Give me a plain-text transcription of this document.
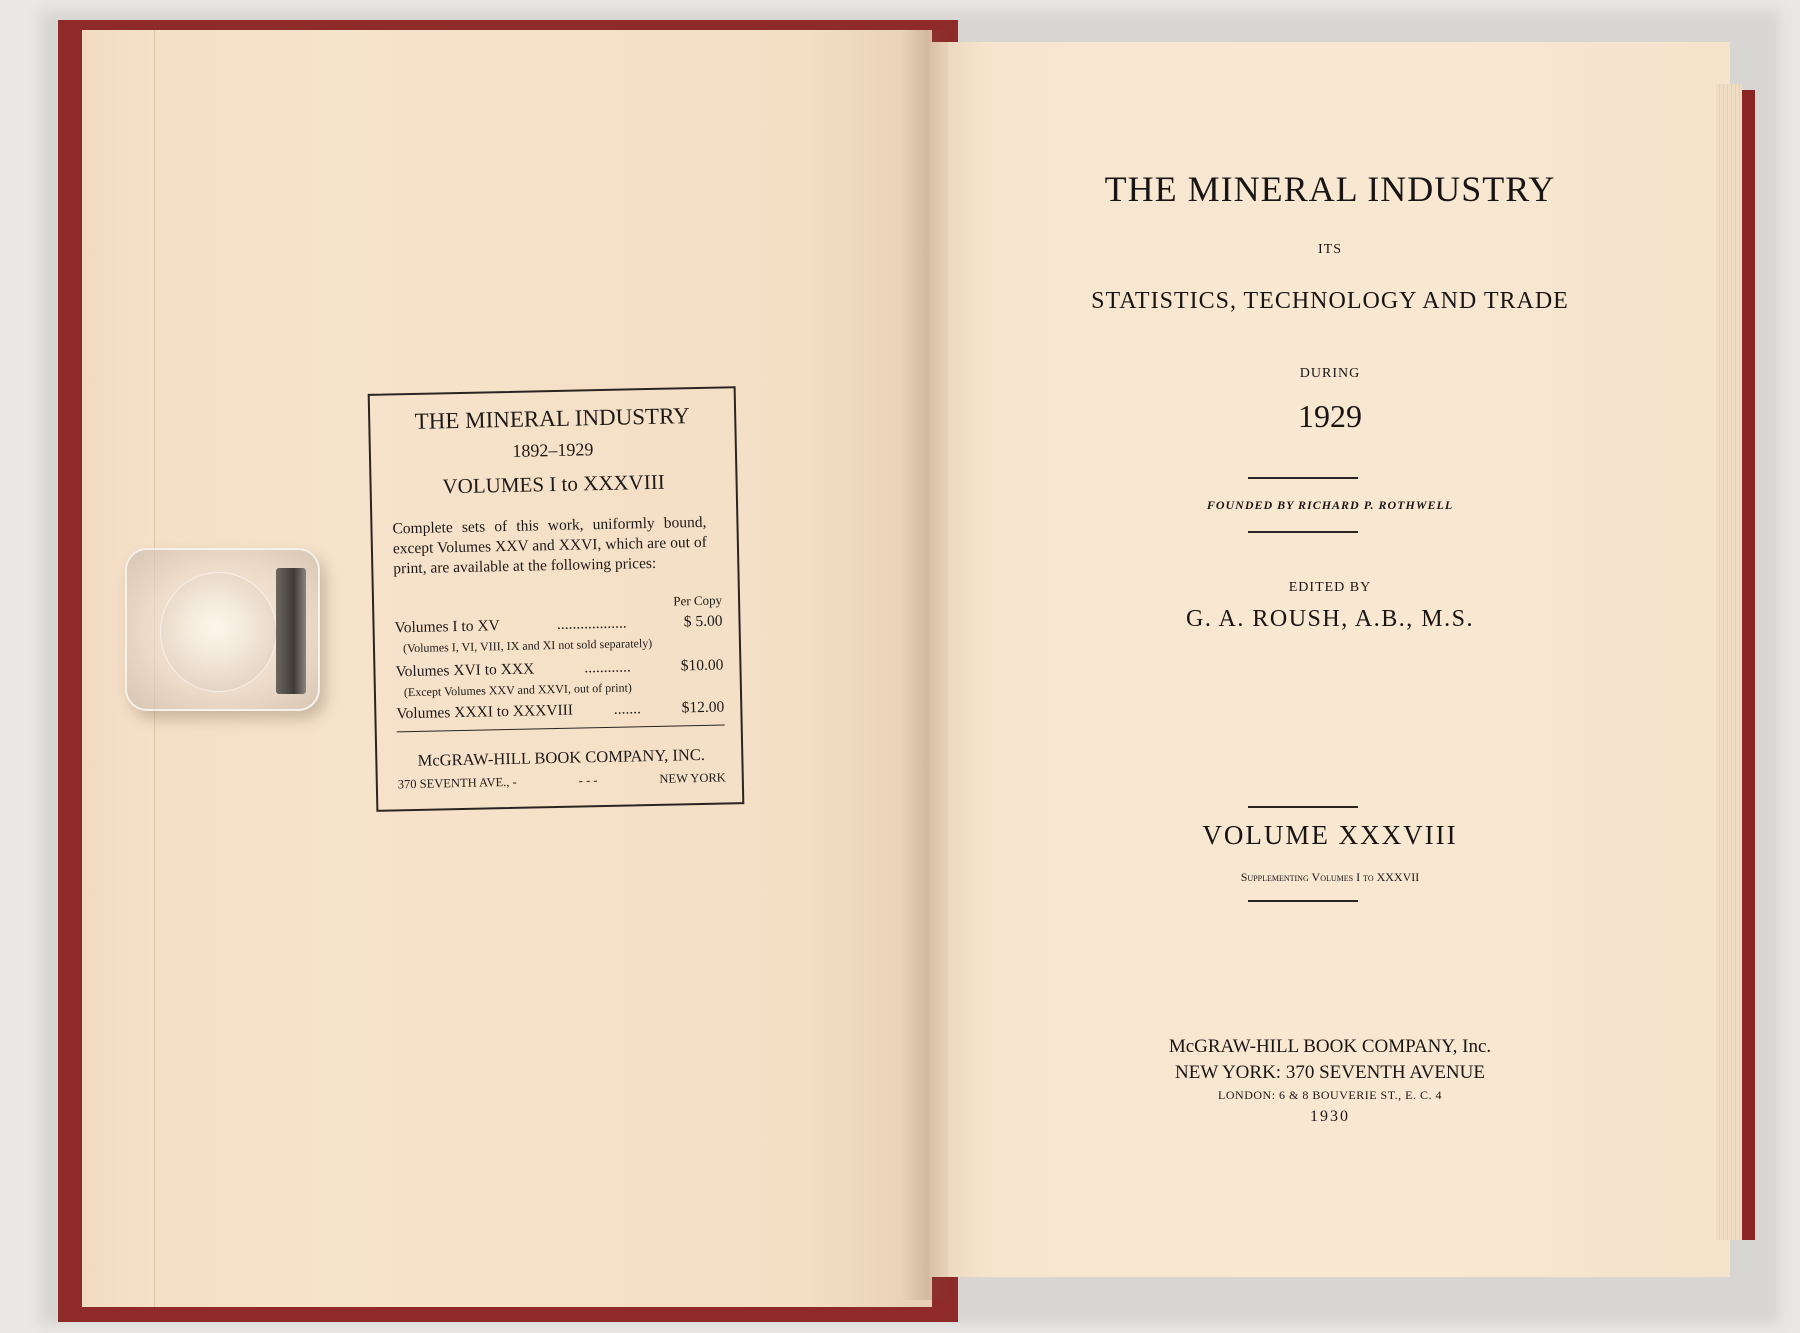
THE MINERAL INDUSTRY
1892–1929
VOLUMES I to XXXVIII
Complete sets of this work, uniformly bound, except Volumes XXV and XXVI, which are out of print, are available at the following prices:
Per Copy
Volumes I to XV	..................	$ 5.00
(Volumes I, VI, VIII, IX and XI not sold separately)
Volumes XVI to XXX	............	$10.00
(Except Volumes XXV and XXVI, out of print)
Volumes XXXI to XXXVIII	.......	$12.00
McGRAW-HILL BOOK COMPANY, INC.
370 SEVENTH AVE., -	- - -	NEW YORK
THE MINERAL INDUSTRY
ITS
STATISTICS, TECHNOLOGY AND TRADE
DURING
1929
FOUNDED BY RICHARD P. ROTHWELL
EDITED BY
G. A. ROUSH, A.B., M.S.
VOLUME XXXVIII
Supplementing Volumes I to XXXVII
McGRAW-HILL BOOK COMPANY, Inc.
NEW YORK: 370 SEVENTH AVENUE
LONDON: 6 & 8 BOUVERIE ST., E. C. 4
1930
